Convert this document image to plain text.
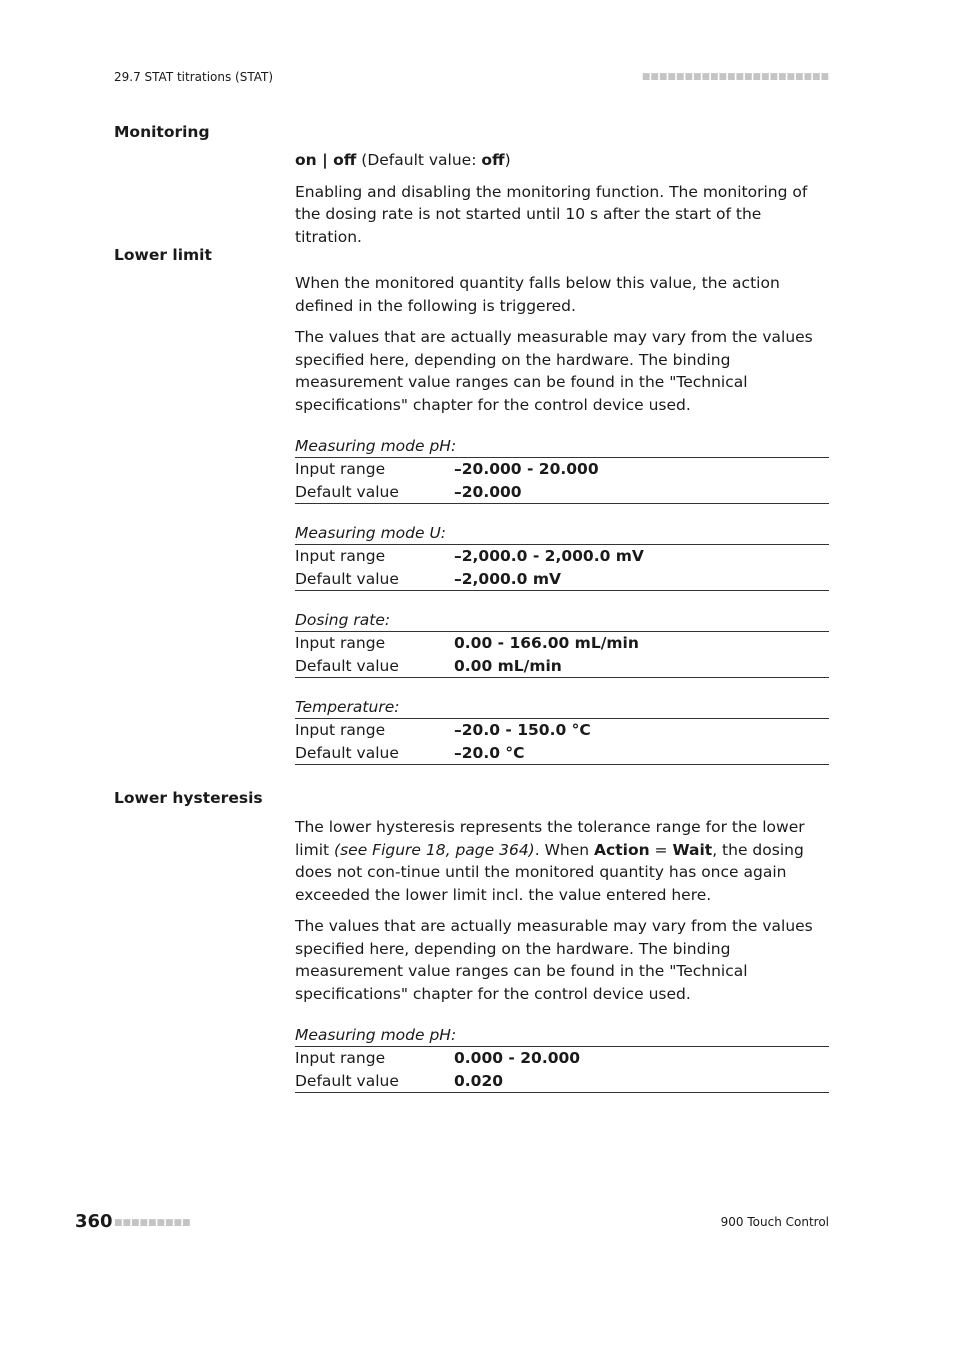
29.7 STAT titrations (STAT)	■■■■■■■■■■■■■■■■■■■■■■
Monitoring

on | off (Default value: off)

Enabling and disabling the monitoring function. The monitoring of the dosing rate is not started until 10 s after the start of the titration.

Lower limit

When the monitored quantity falls below this value, the action defined in the following is triggered.

The values that are actually measurable may vary from the values specified here, depending on the hardware. The binding measurement value ranges can be found in the "Technical specifications" chapter for the control device used.

Measuring mode pH:
Input range	–20.000 - 20.000
Default value	–20.000
Measuring mode U:
Input range	–2,000.0 - 2,000.0 mV
Default value	–2,000.0 mV
Dosing rate:
Input range	0.00 - 166.00 mL/min
Default value	0.00 mL/min
Temperature:
Input range	–20.0 - 150.0 °C
Default value	–20.0 °C
Lower hysteresis

The lower hysteresis represents the tolerance range for the lower limit (see Figure 18, page 364). When Action = Wait, the dosing does not con-tinue until the monitored quantity has once again exceeded the lower limit incl. the value entered here.

The values that are actually measurable may vary from the values specified here, depending on the hardware. The binding measurement value ranges can be found in the "Technical specifications" chapter for the control device used.

Measuring mode pH:
Input range	0.000 - 20.000
Default value	0.020
360 ■■■■■■■■■	900 Touch Control
